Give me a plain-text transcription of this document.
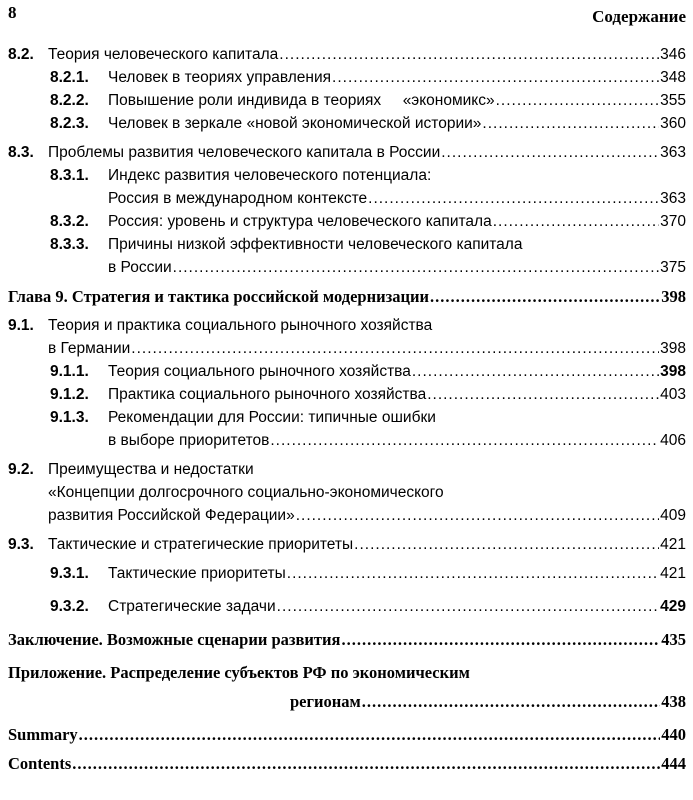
8	Содержание
8.2. Теория человеческого капитала .....	346
8.2.1.	Человек в теориях управления .....	348
8.2.2.	Повышение роли индивида в теориях     «экономикс» .....	355
8.2.3.	Человек в зеркале «новой экономической истории» .....	360
8.3. Проблемы развития человеческого капитала в России .....	363
8.3.1.	Индекс развития человеческого потенциала:
Россия в международном контексте .....	363
8.3.2.	Россия: уровень и структура человеческого капитала .....	370
8.3.3.	Причины низкой эффективности человеческого капитала
в России .....	375
Глава 9. Стратегия и тактика российской модернизации .....	398
9.1. Теория и практика социального рыночного хозяйства
в Германии .....	398
9.1.1.	Теория социального рыночного хозяйства .....	398
9.1.2.	Практика социального рыночного хозяйства .....	403
9.1.3.	Рекомендации для России: типичные ошибки
в выборе приоритетов .....	406
9.2. Преимущества и недостатки
«Концепции долгосрочного социально-экономического
развития Российской Федерации» .....	409
9.3. Тактические и стратегические приоритеты .....	421
9.3.1.	Тактические приоритеты .....	421
9.3.2.	Стратегические задачи .....	429
Заключение. Возможные сценарии развития .....	435
Приложение. Распределение субъектов РФ по экономическим
регионам .....	438
Summary .....	440
Contents .....	444
